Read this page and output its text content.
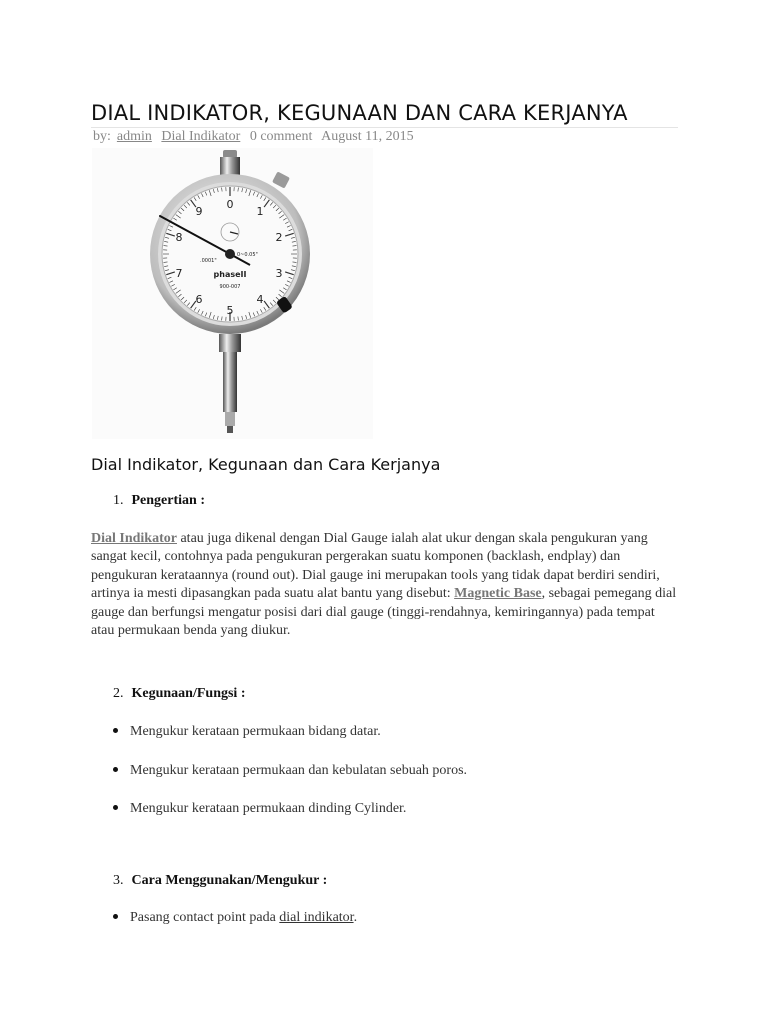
DIAL INDIKATOR, KEGUNAAN DAN CARA KERJANYA
by: admin Dial Indikator 0 comment August 11, 2015
0
1
2
3
4
5
6
7
8
9
.0001"
0~0.05"
phaseII
900-007
Dial Indikator, Kegunaan dan Cara Kerjanya
1. Pengertian :
Dial Indikator atau juga dikenal dengan Dial Gauge ialah alat ukur dengan skala pengukuran yang sangat kecil, contohnya pada pengukuran pergerakan suatu komponen (backlash, endplay) dan pengukuran kerataannya (round out). Dial gauge ini merupakan tools yang tidak dapat berdiri sendiri, artinya ia mesti dipasangkan pada suatu alat bantu yang disebut: Magnetic Base, sebagai pemegang dial gauge dan berfungsi mengatur posisi dari dial gauge (tinggi-rendahnya, kemiringannya) pada tempat atau permukaan benda yang diukur.
2. Kegunaan/Fungsi :
Mengukur kerataan permukaan bidang datar.
Mengukur kerataan permukaan dan kebulatan sebuah poros.
Mengukur kerataan permukaan dinding Cylinder.
3. Cara Menggunakan/Mengukur :
Pasang contact point pada dial indikator.
